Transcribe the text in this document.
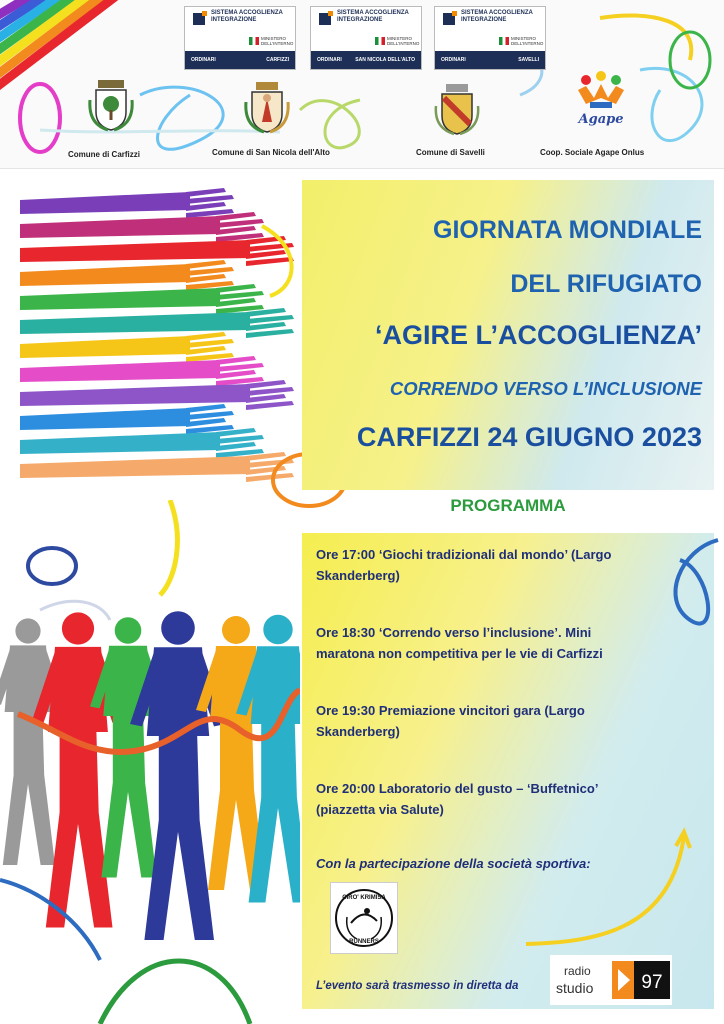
SISTEMA ACCOGLIENZA INTEGRAZIONE
MINISTERO DELL'INTERNO
ORDINARI	CARFIZZI
SISTEMA ACCOGLIENZA INTEGRAZIONE
MINISTERO DELL'INTERNO
ORDINARI	SAN NICOLA DELL'ALTO
SISTEMA ACCOGLIENZA INTEGRAZIONE
MINISTERO DELL'INTERNO
ORDINARI	SAVELLI
Agape
Comune di Carfizzi	Comune di San Nicola dell'Alto	Comune di Savelli	Coop. Sociale Agape Onlus
GIORNATA MONDIALE
DEL RIFUGIATO
‘AGIRE L’ACCOGLIENZA’
CORRENDO VERSO L’INCLUSIONE
CARFIZZI 24 GIUGNO 2023
PROGRAMMA
Ore 17:00 ‘Giochi tradizionali dal mondo’ (Largo
Skanderberg)
Ore 18:30 ‘Correndo verso l’inclusione’. Mini
maratona non competitiva per le vie di Carfizzi
Ore 19:30 Premiazione vincitori gara (Largo
Skanderberg)
Ore 20:00 Laboratorio del gusto – ‘Buffetnico’
(piazzetta via Salute)
Con la partecipazione della società sportiva:
CIRO' KRIMISA
RUNNERS
L’evento sarà trasmesso in diretta da
radio
studio	97
